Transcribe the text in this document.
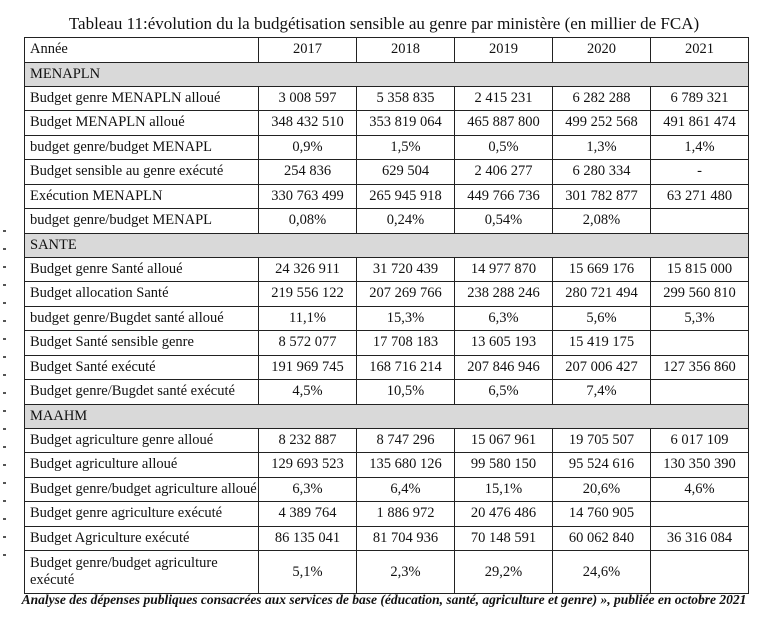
Tableau 11:évolution du la budgétisation sensible au genre par ministère (en millier de FCA)
Année	2017	2018	2019	2020	2021
MENAPLN					
Budget genre MENAPLN alloué	3 008 597	5 358 835	2 415 231	6 282 288	6 789 321
Budget MENAPLN alloué	348 432 510	353 819 064	465 887 800	499 252 568	491 861 474
budget genre/budget MENAPL	0,9%	1,5%	0,5%	1,3%	1,4%
Budget sensible au genre exécuté	254 836	629 504	2 406 277	6 280 334	-
Exécution MENAPLN	330 763 499	265 945 918	449 766 736	301 782 877	63 271 480
budget genre/budget MENAPL	0,08%	0,24%	0,54%	2,08%	
SANTE					
Budget genre Santé alloué	24 326 911	31 720 439	14 977 870	15 669 176	15 815 000
Budget allocation Santé	219 556 122	207 269 766	238 288 246	280 721 494	299 560 810
budget genre/Bugdet santé alloué	11,1%	15,3%	6,3%	5,6%	5,3%
Budget Santé sensible genre	8 572 077	17 708 183	13 605 193	15 419 175	
Budget Santé exécuté	191 969 745	168 716 214	207 846 946	207 006 427	127 356 860
Budget genre/Bugdet santé exécuté	4,5%	10,5%	6,5%	7,4%	
MAAHM					
Budget agriculture genre alloué	8 232 887	8 747 296	15 067 961	19 705 507	6 017 109
Budget agriculture alloué	129 693 523	135 680 126	99 580 150	95 524 616	130 350 390
Budget genre/budget agriculture alloué	6,3%	6,4%	15,1%	20,6%	4,6%
Budget genre agriculture exécuté	4 389 764	1 886 972	20 476 486	14 760 905	
Budget Agriculture exécuté	86 135 041	81 704 936	70 148 591	60 062 840	36 316 084
Budget genre/budget agriculture exécuté	5,1%	2,3%	29,2%	24,6%	
Analyse des dépenses publiques consacrées aux services de base (éducation, santé, agriculture et genre) », publiée en octobre 2021
